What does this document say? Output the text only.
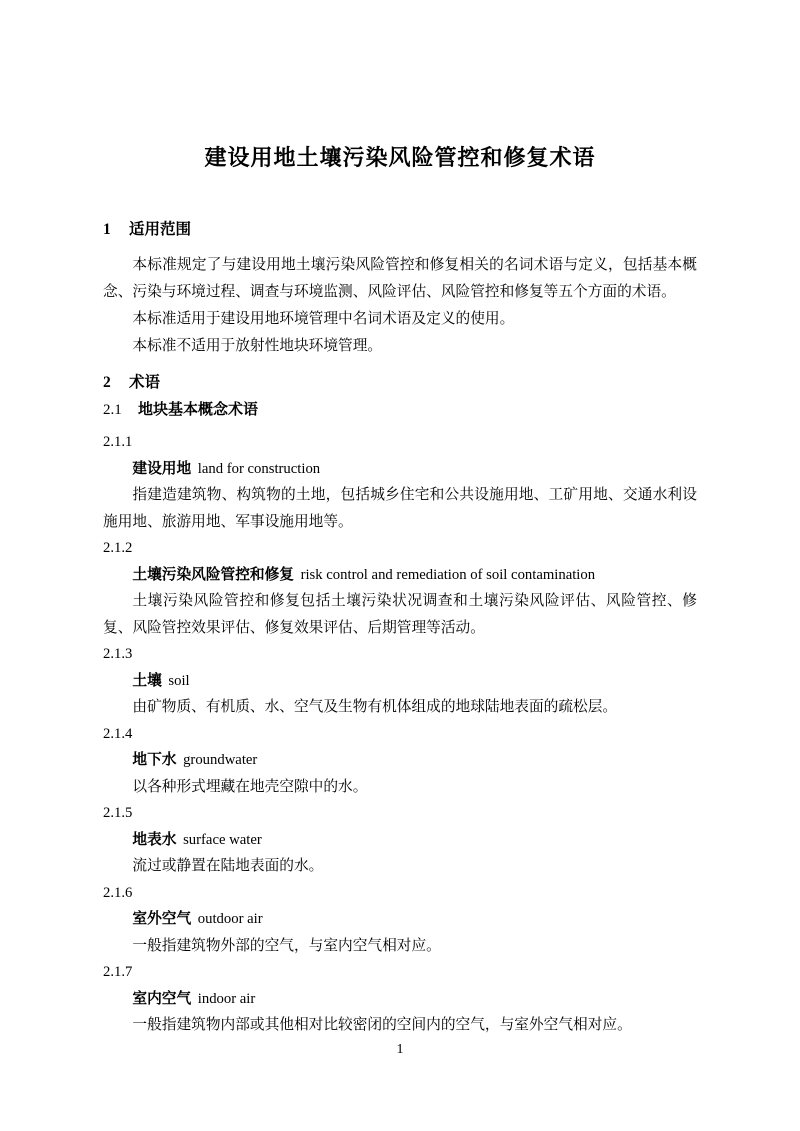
建设用地土壤污染风险管控和修复术语
1 适用范围

本标准规定了与建设用地土壤污染风险管控和修复相关的名词术语与定义，包括基本概念、污染与环境过程、调查与环境监测、风险评估、风险管控和修复等五个方面的术语。

本标准适用于建设用地环境管理中名词术语及定义的使用。

本标准不适用于放射性地块环境管理。

2 术语
2.1 地块基本概念术语

2.1.1

建设用地 land for construction

指建造建筑物、构筑物的土地，包括城乡住宅和公共设施用地、工矿用地、交通水利设施用地、旅游用地、军事设施用地等。

2.1.2

土壤污染风险管控和修复 risk control and remediation of soil contamination

土壤污染风险管控和修复包括土壤污染状况调查和土壤污染风险评估、风险管控、修复、风险管控效果评估、修复效果评估、后期管理等活动。

2.1.3

土壤 soil

由矿物质、有机质、水、空气及生物有机体组成的地球陆地表面的疏松层。

2.1.4

地下水 groundwater

以各种形式埋藏在地壳空隙中的水。

2.1.5

地表水 surface water

流过或静置在陆地表面的水。

2.1.6

室外空气 outdoor air

一般指建筑物外部的空气，与室内空气相对应。

2.1.7

室内空气 indoor air

一般指建筑物内部或其他相对比较密闭的空间内的空气，与室外空气相对应。

1
